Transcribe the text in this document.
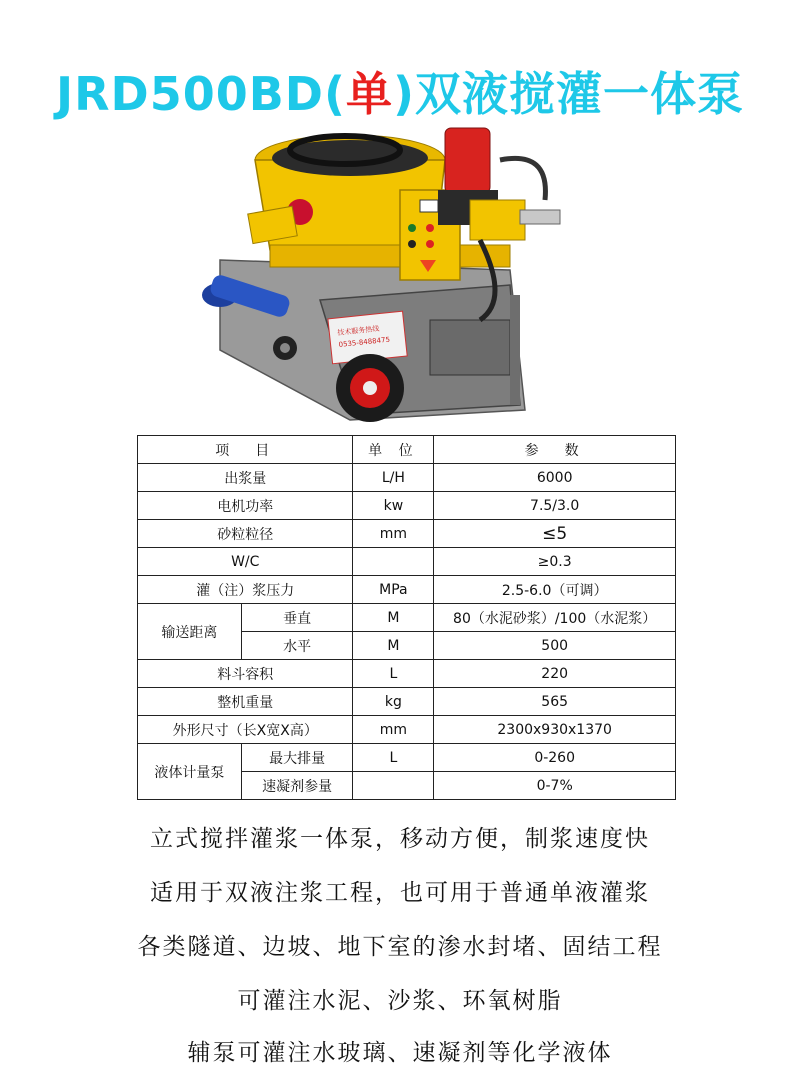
JRD500BD(单)双液搅灌一体泵
技术服务热线
0535-8488475
项　目		单 位	参　数
出浆量		L/H	6000
电机功率		kw	7.5/3.0
砂粒粒径		mm	≤5
W/C			≥0.3
灌（注）浆压力		MPa	2.5-6.0（可调）
输送距离	垂直	M	80（水泥砂浆）/100（水泥浆）
	水平	M	500
料斗容积		L	220
整机重量		kg	565
外形尺寸（长X宽X高）		mm	2300x930x1370
液体计量泵	最大排量	L	0-260
	速凝剂参量		0-7%
立式搅拌灌浆一体泵，移动方便，制浆速度快
适用于双液注浆工程，也可用于普通单液灌浆
各类隧道、边坡、地下室的渗水封堵、固结工程
可灌注水泥、沙浆、环氧树脂
辅泵可灌注水玻璃、速凝剂等化学液体
